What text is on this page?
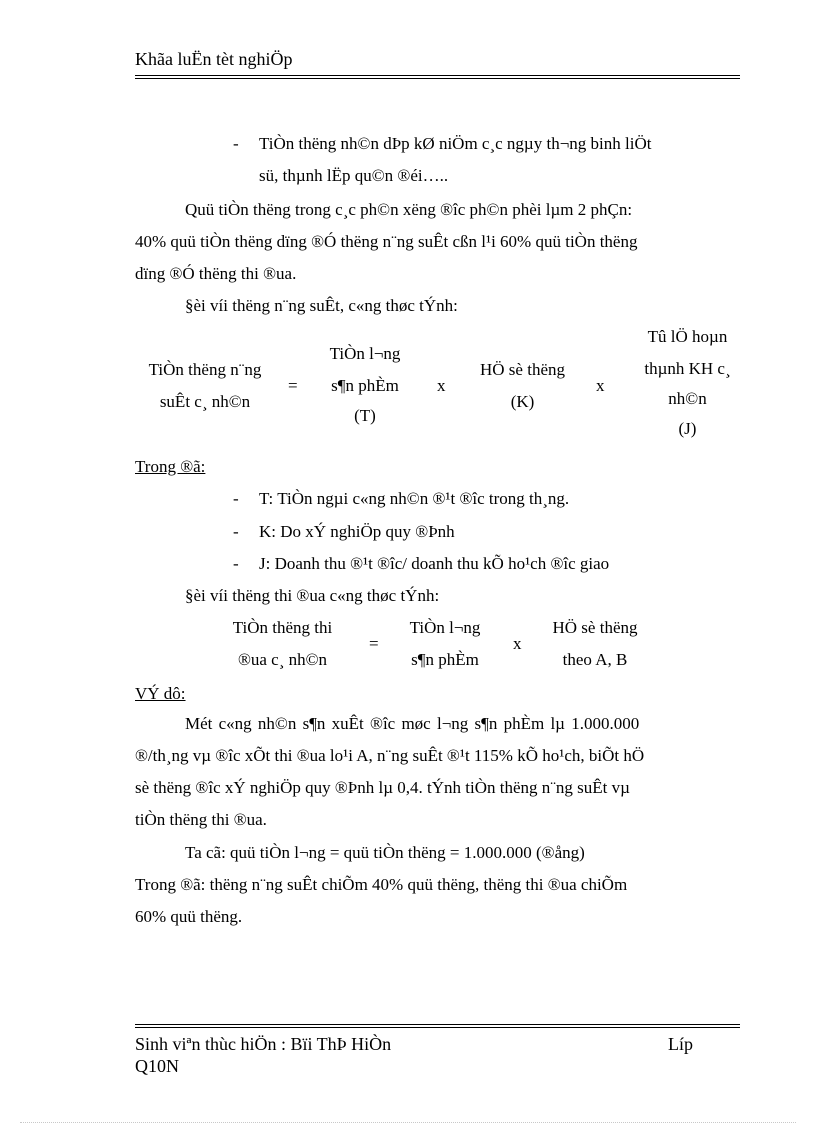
Khãa luËn tèt nghiÖp
- TiÒn thëng nh©n dÞp kØ niÖm c¸c ngµy th¬ng binh liÖt
sü, thµnh lËp qu©n ®éi…..
Quü tiÒn thëng trong c¸c ph©n xëng ®îc ph©n phèi lµm 2 phÇn:
40% quü tiÒn thëng dïng ®Ó thëng n¨ng suÊt cßn l¹i 60% quü tiÒn thëng
dïng ®Ó thëng thi ®ua.
§èi víi thëng n¨ng suÊt, c«ng thøc tÝnh:
TiÒn thëng n¨ng
suÊt c¸ nh©n
=
TiÒn l¬ng
s¶n phÈm
(T)
x
HÖ sè thëng
(K)
x
Tû lÖ hoµn
thµnh KH c¸
nh©n
(J)
Trong ®ã:
- T: TiÒn ngµi c«ng nh©n ®¹t ®îc trong th¸ng.
- K: Do xÝ nghiÖp quy ®Þnh
- J: Doanh thu ®¹t ®îc/ doanh thu kÕ ho¹ch ®îc giao
§èi víi thëng thi ®ua c«ng thøc tÝnh:
TiÒn thëng thi
®ua c¸ nh©n
=
TiÒn l¬ng
s¶n phÈm
x
HÖ sè thëng
theo A, B
VÝ dô:
Mét c«ng nh©n s¶n xuÊt ®îc møc l¬ng s¶n phÈm lµ 1.000.000
®/th¸ng vµ ®îc xÕt thi ®ua lo¹i A, n¨ng suÊt ®¹t 115% kÕ ho¹ch, biÕt hÖ
sè thëng ®îc xÝ nghiÖp quy ®Þnh lµ 0,4. tÝnh tiÒn thëng n¨ng suÊt vµ
tiÒn thëng thi ®ua.
Ta cã: quü tiÒn l¬ng = quü tiÒn thëng = 1.000.000 (®ång)
Trong ®ã: thëng n¨ng suÊt chiÕm 40% quü thëng, thëng thi ®ua chiÕm
60% quü thëng.
Sinh viªn thùc hiÖn : Bïi ThÞ HiÒn	Líp
Q10N
